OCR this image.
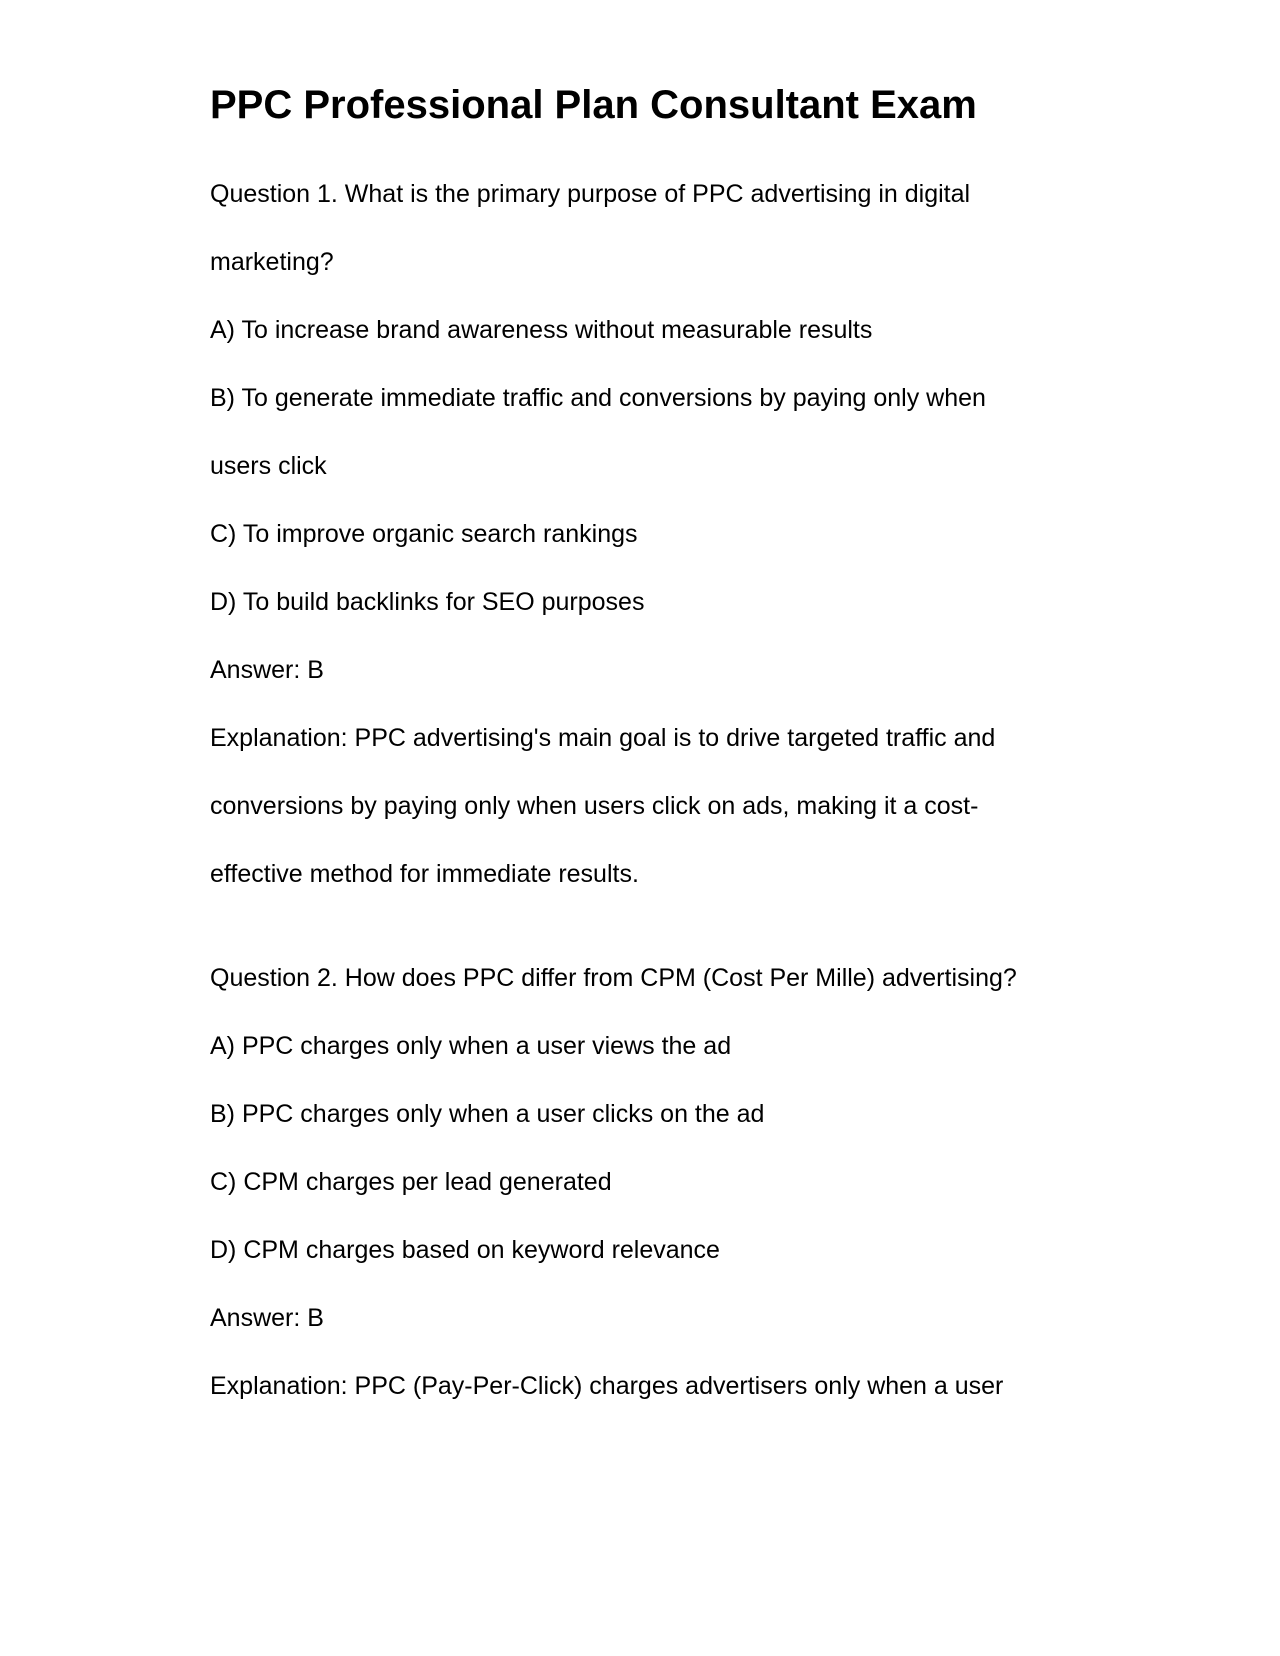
PPC Professional Plan Consultant Exam

Question 1. What is the primary purpose of PPC advertising in digital

marketing?

A) To increase brand awareness without measurable results

B) To generate immediate traffic and conversions by paying only when

users click

C) To improve organic search rankings

D) To build backlinks for SEO purposes

Answer: B

Explanation: PPC advertising's main goal is to drive targeted traffic and

conversions by paying only when users click on ads, making it a cost-

effective method for immediate results.

Question 2. How does PPC differ from CPM (Cost Per Mille) advertising?

A) PPC charges only when a user views the ad

B) PPC charges only when a user clicks on the ad

C) CPM charges per lead generated

D) CPM charges based on keyword relevance

Answer: B

Explanation: PPC (Pay-Per-Click) charges advertisers only when a user
